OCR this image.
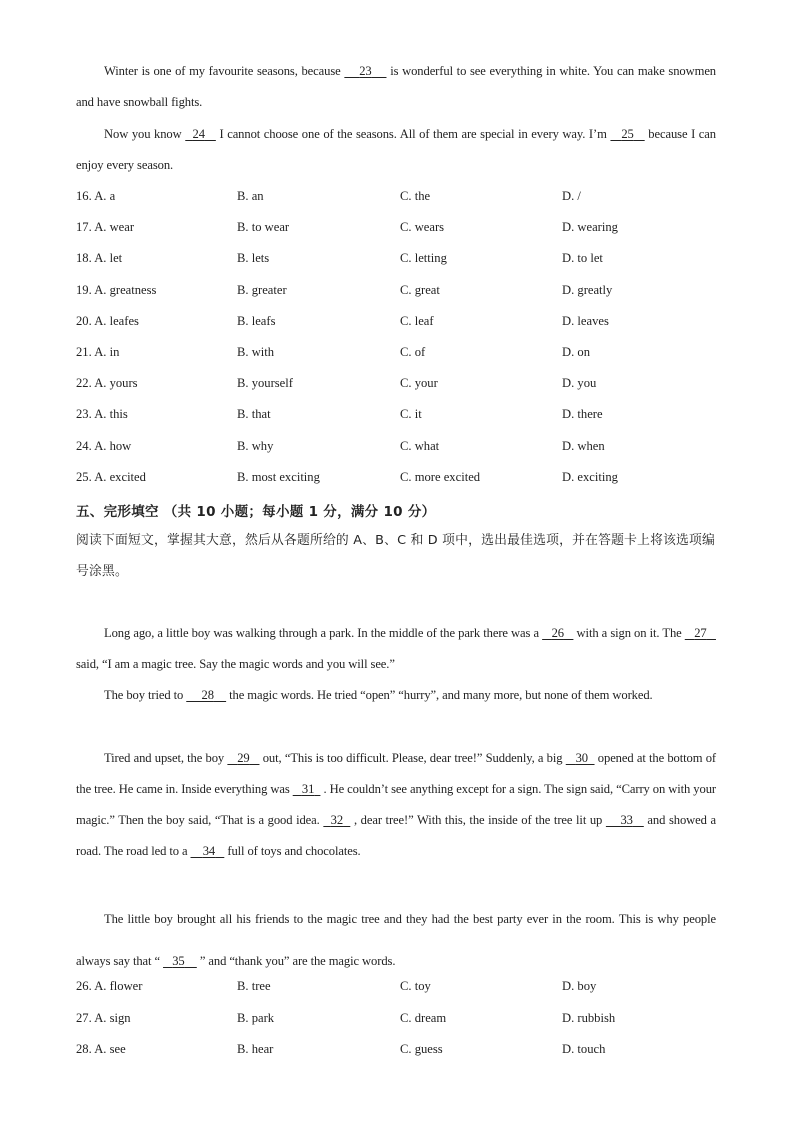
Winter is one of my favourite seasons, because     23     is wonderful to see everything in white. You can make snowmen and have snowball fights.
Now you know   24    I cannot choose one of the seasons. All of them are special in every way. I’m    25    because I can enjoy every season.
16. A. a	B. an	C. the	D. /
17. A. wear	B. to wear	C. wears	D. wearing
18. A. let	B. lets	C. letting	D. to let
19. A. greatness	B. greater	C. great	D. greatly
20. A. leafes	B. leafs	C. leaf	D. leaves
21. A. in	B. with	C. of	D. on
22. A. yours	B. yourself	C. your	D. you
23. A. this	B. that	C. it	D. there
24. A. how	B. why	C. what	D. when
25. A. excited	B. most exciting	C. more excited	D. exciting
五、完形填空 （共 10 小题；每小题 1 分，满分 10 分）
阅读下面短文，掌握其大意，然后从各题所给的 A、B、C 和 D 项中，选出最佳选项，并在答题卡上将该选项编号涂黑。
Long ago, a little boy was walking through a park. In the middle of the park there was a    26    with a sign on it. The    27    said, “I am a magic tree. Say the magic words and you will see.”
The boy tried to      28     the magic words. He tried “open” “hurry”, and many more, but none of them worked.
Tired and upset, the boy    29    out, “This is too difficult. Please, dear tree!” Suddenly, a big    30   opened at the bottom of the tree. He came in. Inside everything was    31   . He couldn’t see anything except for a sign. The sign said, “Carry on with your magic.” Then the boy said, “That is a good idea.   32   , dear tree!” With this, the inside of the tree lit up     33    and showed a road. The road led to a     34    full of toys and chocolates.
The little boy brought all his friends to the magic tree and they had the best party ever in the room. This is why people always say that “    35     ” and “thank you” are the magic words.
26. A. flower	B. tree	C. toy	D. boy
27. A. sign	B. park	C. dream	D. rubbish
28. A. see	B. hear	C. guess	D. touch
